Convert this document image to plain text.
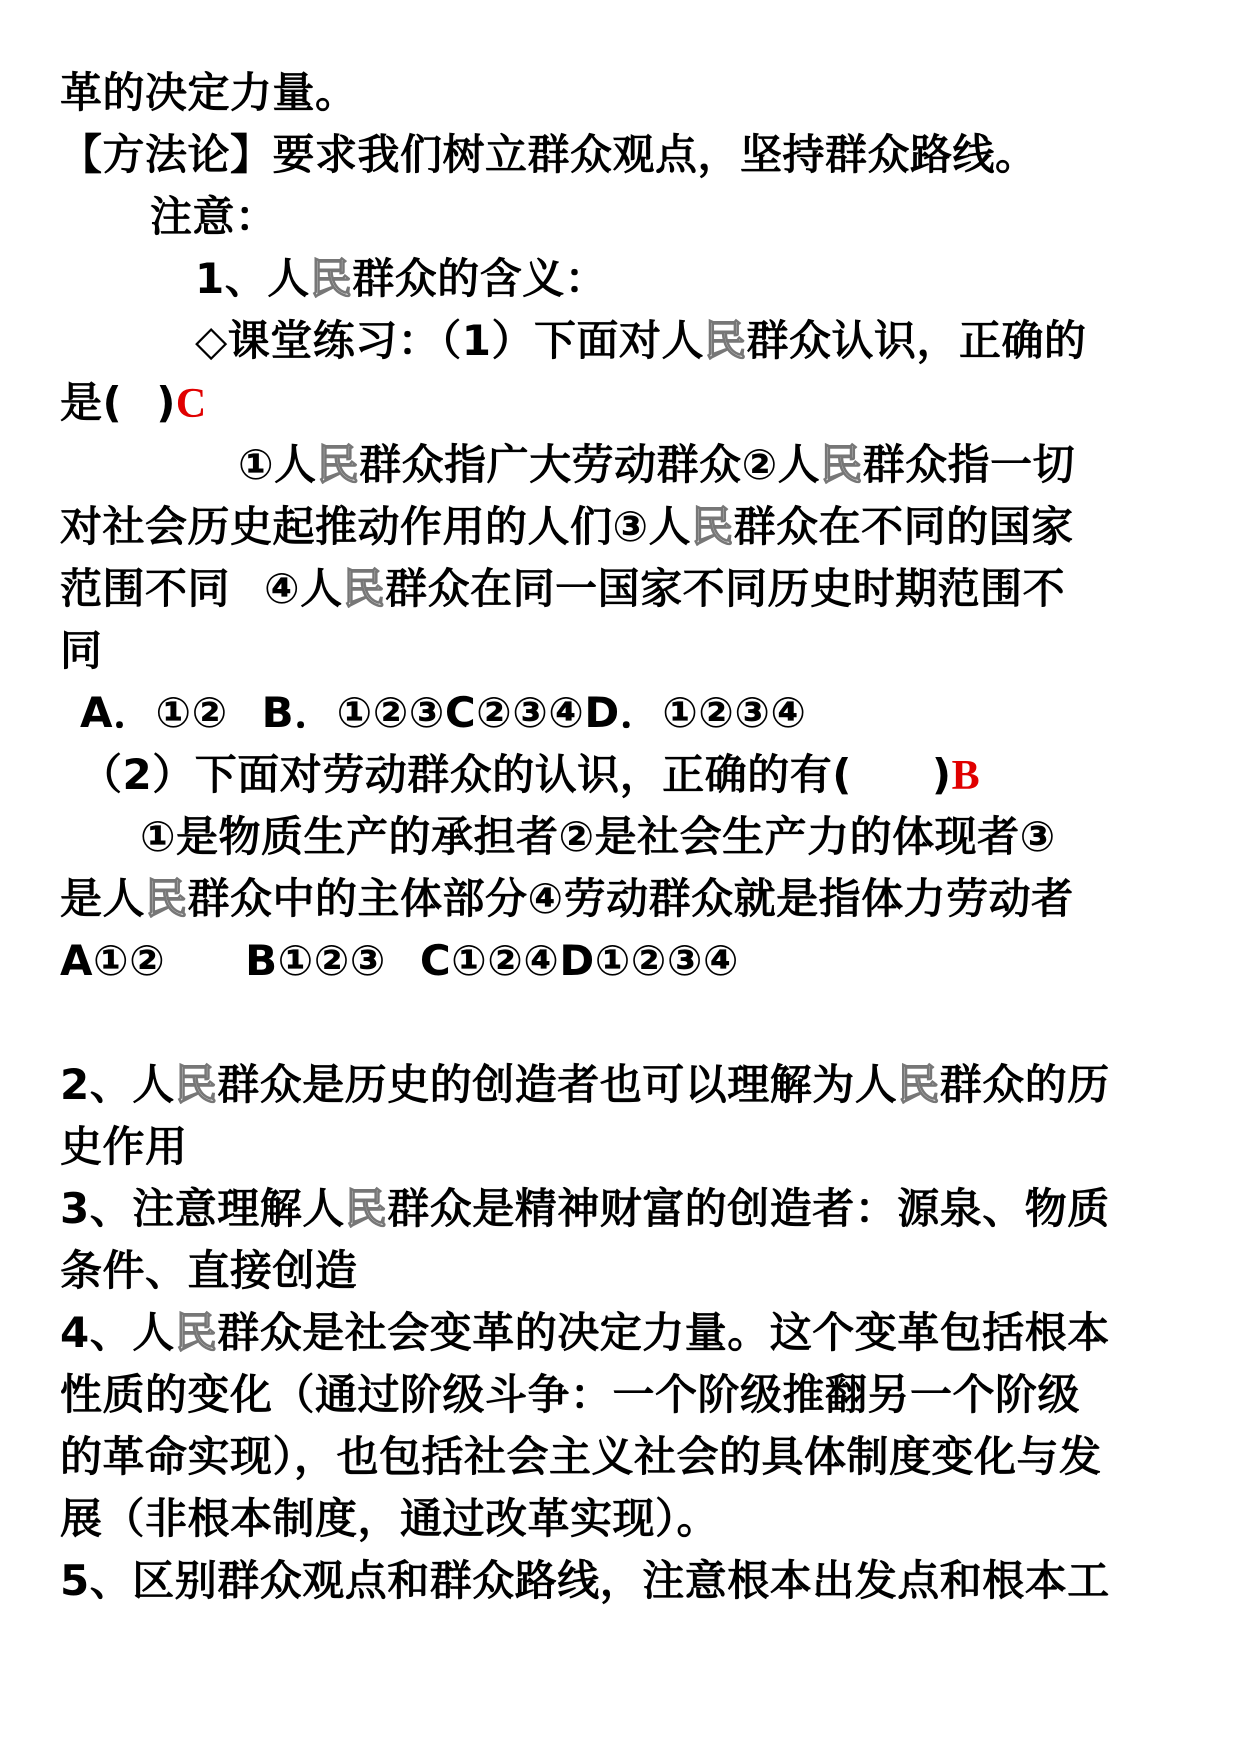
革的决定力量。
【方法论】要求我们树立群众观点，坚持群众路线。
注意：
1、人民群众的含义：
◇课堂练习：（1）下面对人民群众认识，正确的
是( )C
①人民群众指广大劳动群众②人民群众指一切
对社会历史起推动作用的人们③人民群众在不同的国家
范围不同 ④人民群众在同一国家不同历史时期范围不
同
A．①② B．①②③C②③④D．①②③④
（2）下面对劳动群众的认识，正确的有( )B
①是物质生产的承担者②是社会生产力的体现者③
是人民群众中的主体部分④劳动群众就是指体力劳动者
A①② B①②③ C①②④D①②③④
2、人民群众是历史的创造者也可以理解为人民群众的历
史作用
3、注意理解人民群众是精神财富的创造者：源泉、物质
条件、直接创造
4、人民群众是社会变革的决定力量。这个变革包括根本
性质的变化（通过阶级斗争：一个阶级推翻另一个阶级
的革命实现），也包括社会主义社会的具体制度变化与发
展（非根本制度，通过改革实现）。
5、区别群众观点和群众路线，注意根本出发点和根本工
